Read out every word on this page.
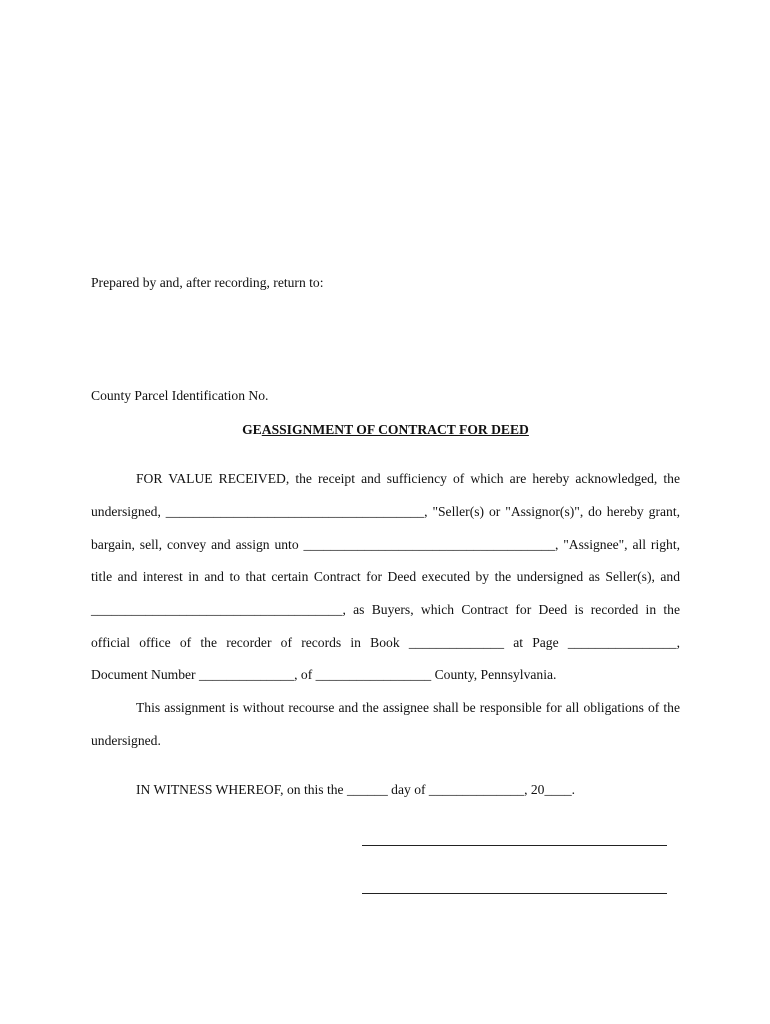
Prepared by and, after recording, return to:
County Parcel Identification No.
GEASSIGNMENT OF CONTRACT FOR DEED
FOR VALUE RECEIVED, the receipt and sufficiency of which are hereby acknowledged, the
undersigned, ______________________________________, "Seller(s) or "Assignor(s)", do hereby grant,
bargain, sell, convey and assign unto _____________________________________, "Assignee", all right,
title and interest in and to that certain Contract for Deed executed by the undersigned as Seller(s), and
_____________________________________, as Buyers, which Contract for Deed is recorded in the
official office of the recorder of records in Book ______________ at Page ________________,
Document Number ______________, of _________________ County, Pennsylvania.
This assignment is without recourse and the assignee shall be responsible for all obligations of the
undersigned.
IN WITNESS WHEREOF, on this the ______ day of ______________, 20____.
